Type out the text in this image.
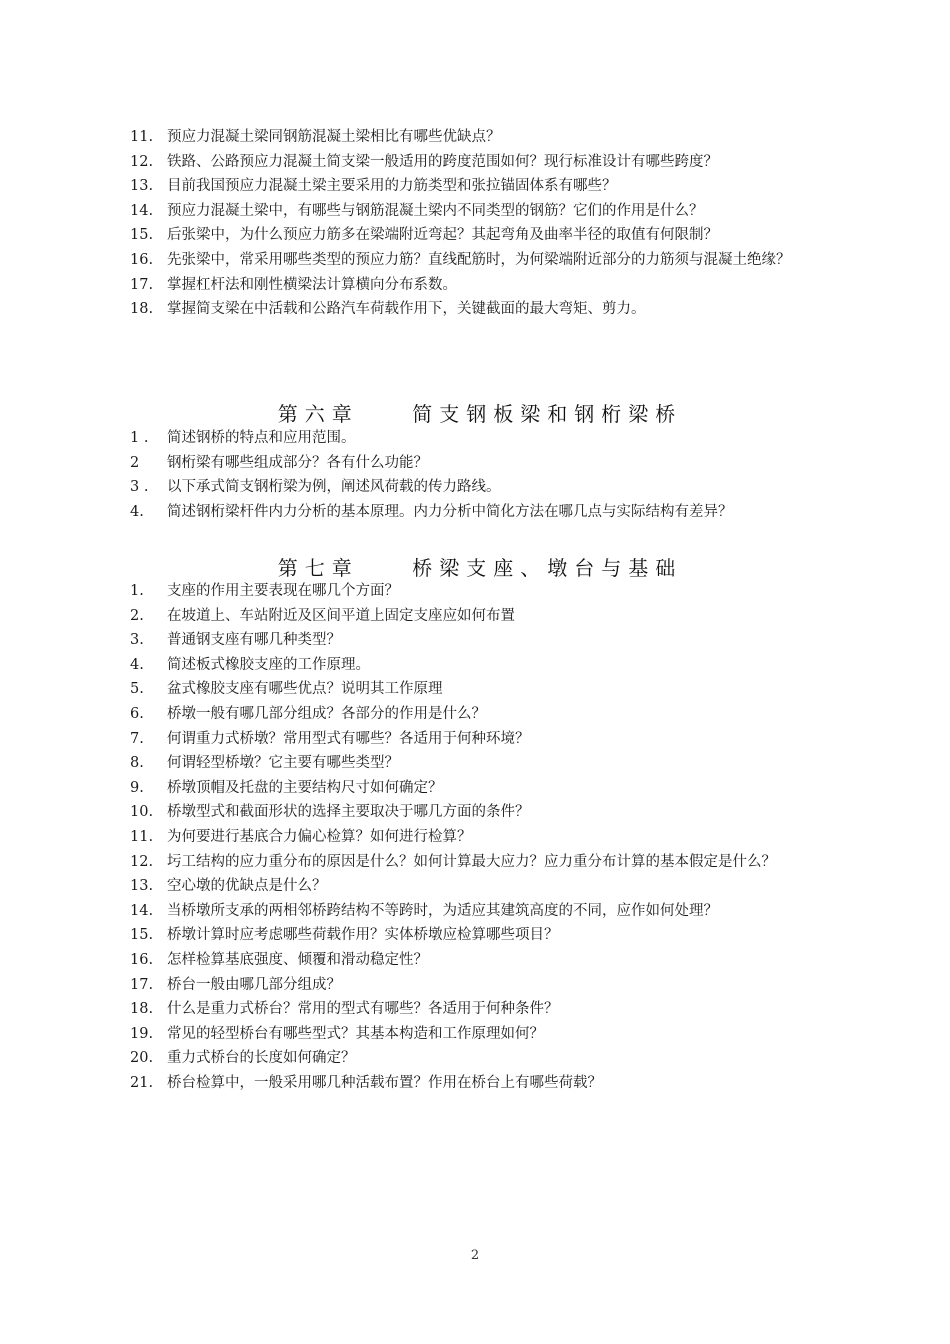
11. 预应力混凝土梁同钢筋混凝土梁相比有哪些优缺点？
12. 铁路、公路预应力混凝土简支梁一般适用的跨度范围如何？现行标准设计有哪些跨度？
13. 目前我国预应力混凝土梁主要采用的力筋类型和张拉锚固体系有哪些？
14. 预应力混凝土梁中，有哪些与钢筋混凝土梁内不同类型的钢筋？它们的作用是什么？
15. 后张梁中，为什么预应力筋多在梁端附近弯起？其起弯角及曲率半径的取值有何限制？
16. 先张梁中，常采用哪些类型的预应力筋？直线配筋时，为何梁端附近部分的力筋须与混凝土绝缘？
17. 掌握杠杆法和刚性横梁法计算横向分布系数。
18. 掌握简支梁在中活载和公路汽车荷载作用下，关键截面的最大弯矩、剪力。
第六章    简支钢板梁和钢桁梁桥
1 .	简述钢桥的特点和应用范围。
2	钢桁梁有哪些组成部分？各有什么功能？
3 .	以下承式简支钢桁梁为例，阐述风荷载的传力路线。
4.	简述钢桁梁杆件内力分析的基本原理。内力分析中简化方法在哪几点与实际结构有差异？
第七章    桥梁支座、墩台与基础
1.	支座的作用主要表现在哪几个方面？
2.	在坡道上、车站附近及区间平道上固定支座应如何布置
3.	普通钢支座有哪几种类型？
4.	简述板式橡胶支座的工作原理。
5.	盆式橡胶支座有哪些优点？说明其工作原理
6.	桥墩一般有哪几部分组成？各部分的作用是什么？
7.	何谓重力式桥墩？常用型式有哪些？各适用于何种环境？
8.	何谓轻型桥墩？它主要有哪些类型？
9.	桥墩顶帽及托盘的主要结构尺寸如何确定？
10. 桥墩型式和截面形状的选择主要取决于哪几方面的条件？
11. 为何要进行基底合力偏心检算？如何进行检算？
12. 圬工结构的应力重分布的原因是什么？如何计算最大应力？应力重分布计算的基本假定是什么？
13. 空心墩的优缺点是什么？
14. 当桥墩所支承的两相邻桥跨结构不等跨时，为适应其建筑高度的不同，应作如何处理？
15. 桥墩计算时应考虑哪些荷载作用？实体桥墩应检算哪些项目？
16. 怎样检算基底强度、倾覆和滑动稳定性？
17. 桥台一般由哪几部分组成？
18. 什么是重力式桥台？常用的型式有哪些？各适用于何种条件？
19. 常见的轻型桥台有哪些型式？其基本构造和工作原理如何？
20. 重力式桥台的长度如何确定？
21. 桥台检算中，一般采用哪几种活载布置？作用在桥台上有哪些荷载？
2
